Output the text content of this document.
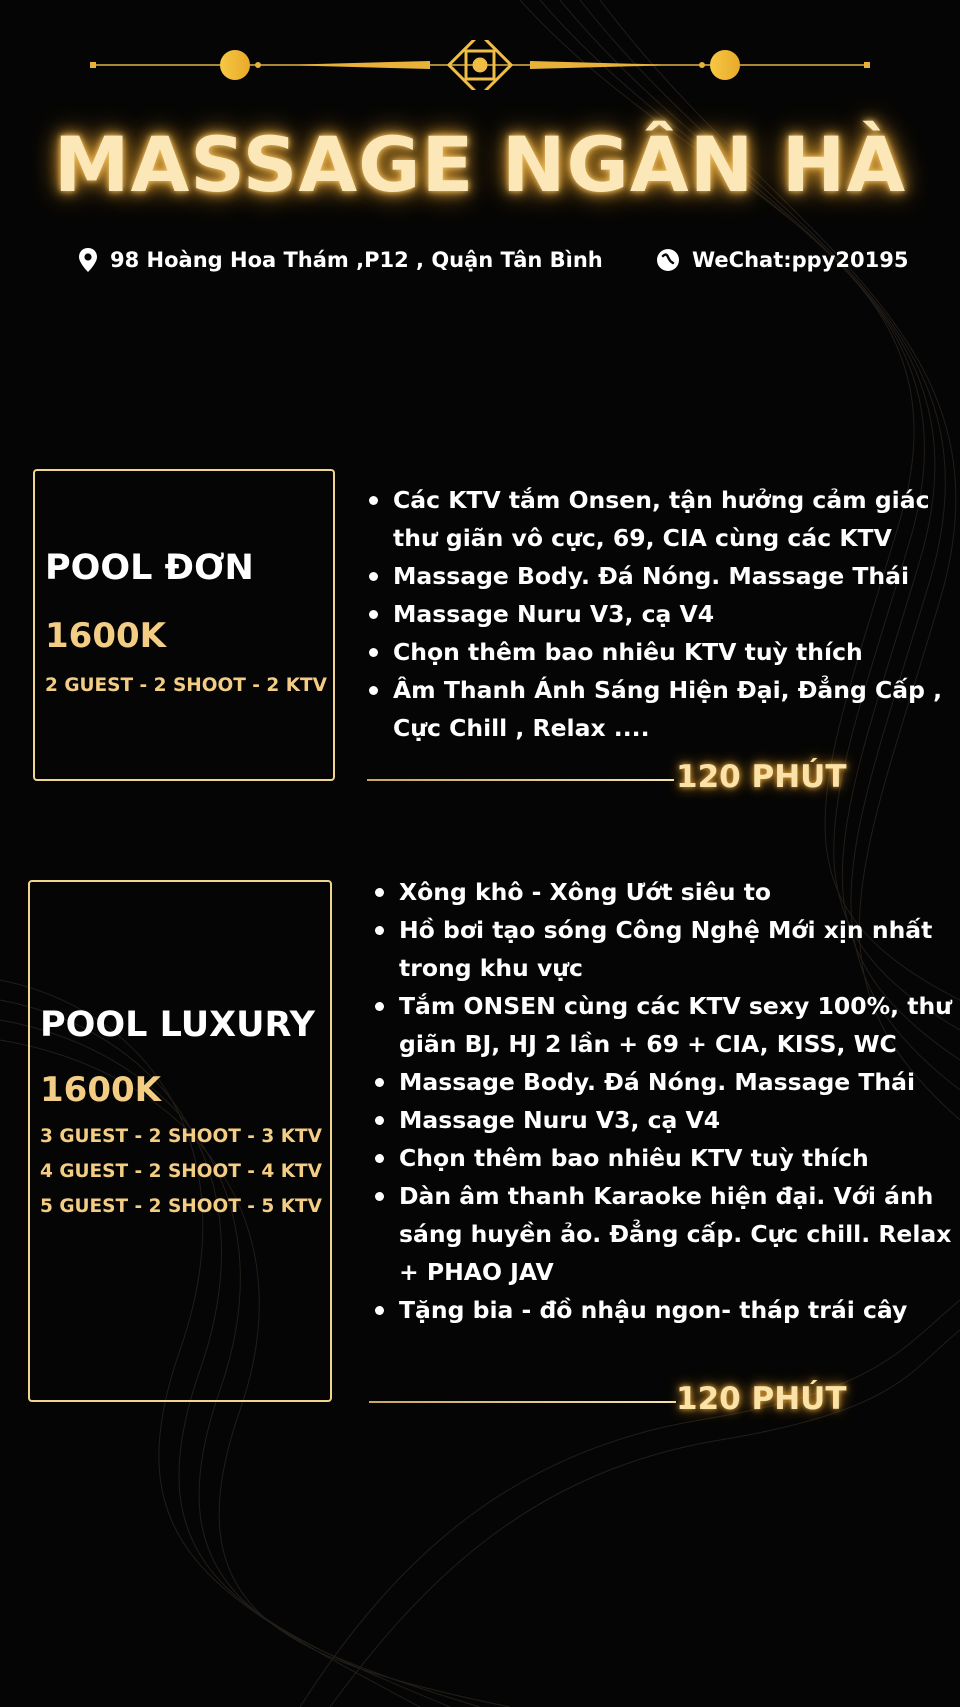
MASSAGE NGÂN HÀ
98 Hoàng Hoa Thám ,P12 , Quận Tân Bình	WeChat:ppy20195
POOL ĐƠN
1600K
2 GUEST - 2 SHOOT - 2 KTV
Các KTV tắm Onsen, tận hưởng cảm giác thư giãn vô cực, 69, CIA cùng các KTV
Massage Body. Đá Nóng. Massage Thái
Massage Nuru V3, cạ V4
Chọn thêm bao nhiêu KTV tuỳ thích
Âm Thanh Ánh Sáng Hiện Đại, Đẳng Cấp , Cực Chill , Relax ....
120 PHÚT
POOL LUXURY
1600K
3 GUEST - 2 SHOOT - 3 KTV
4 GUEST - 2 SHOOT - 4 KTV
5 GUEST - 2 SHOOT - 5 KTV
Xông khô - Xông Ướt siêu to
Hồ bơi tạo sóng Công Nghệ Mới xịn nhất trong khu vực
Tắm ONSEN cùng các KTV sexy 100%, thư giãn BJ, HJ 2 lần + 69 + CIA, KISS, WC
Massage Body. Đá Nóng. Massage Thái
Massage Nuru V3, cạ V4
Chọn thêm bao nhiêu KTV tuỳ thích
Dàn âm thanh Karaoke hiện đại. Với ánh sáng huyền ảo. Đẳng cấp. Cực chill. Relax + PHAO JAV
Tặng bia - đồ nhậu ngon- tháp trái cây
120 PHÚT
